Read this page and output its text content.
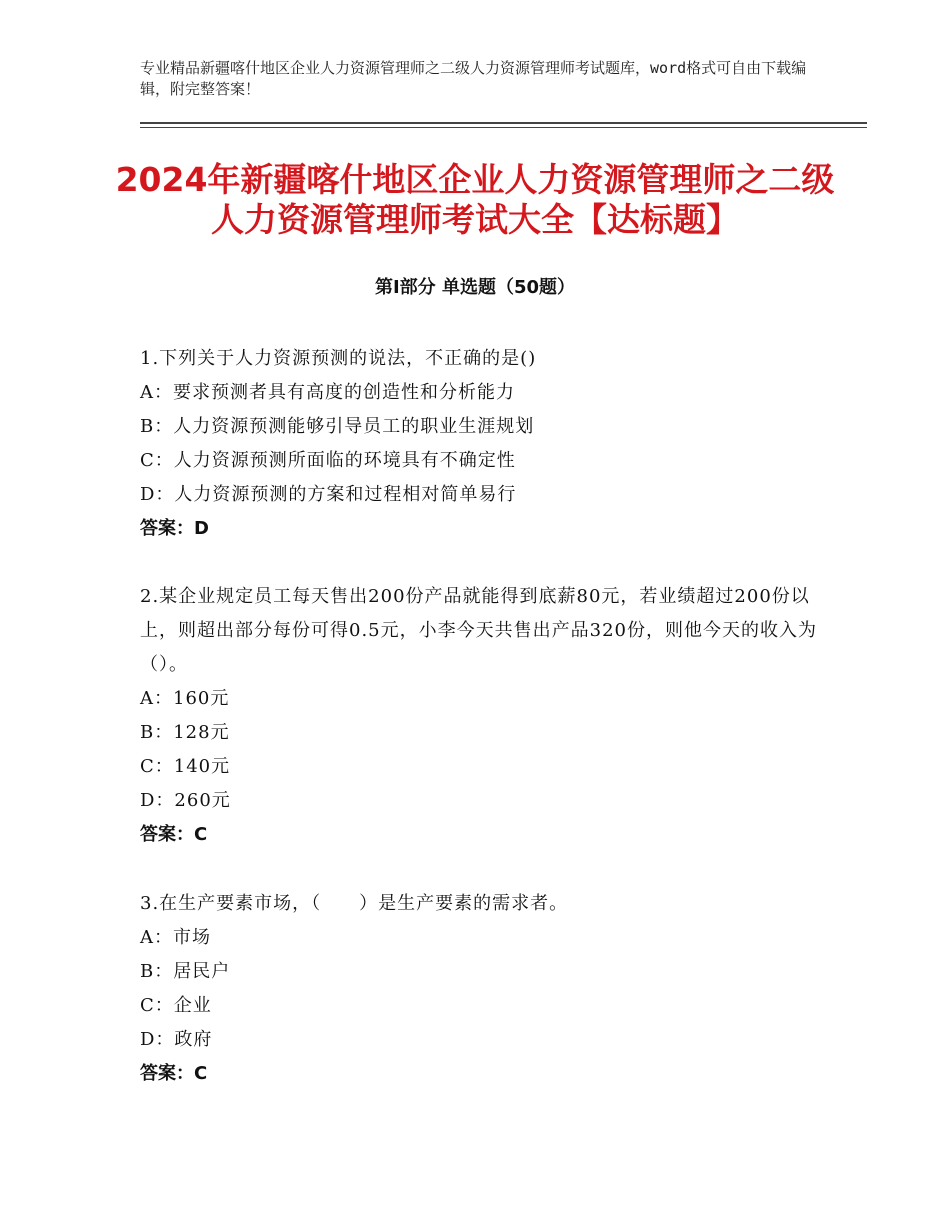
专业精品新疆喀什地区企业人力资源管理师之二级人力资源管理师考试题库，word格式可自由下载编辑，附完整答案！
2024年新疆喀什地区企业人力资源管理师之二级人力资源管理师考试大全【达标题】
第Ⅰ部分 单选题（50题）
1.下列关于人力资源预测的说法，不正确的是()
A：要求预测者具有高度的创造性和分析能力
B：人力资源预测能够引导员工的职业生涯规划
C：人力资源预测所面临的环境具有不确定性
D：人力资源预测的方案和过程相对简单易行
答案：D
2.某企业规定员工每天售出200份产品就能得到底薪80元，若业绩超过200份以上，则超出部分每份可得0.5元，小李今天共售出产品320份，则他今天的收入为（）。
A：160元
B：128元
C：140元
D：260元
答案：C
3.在生产要素市场，（　　）是生产要素的需求者。
A：市场
B：居民户
C：企业
D：政府
答案：C
